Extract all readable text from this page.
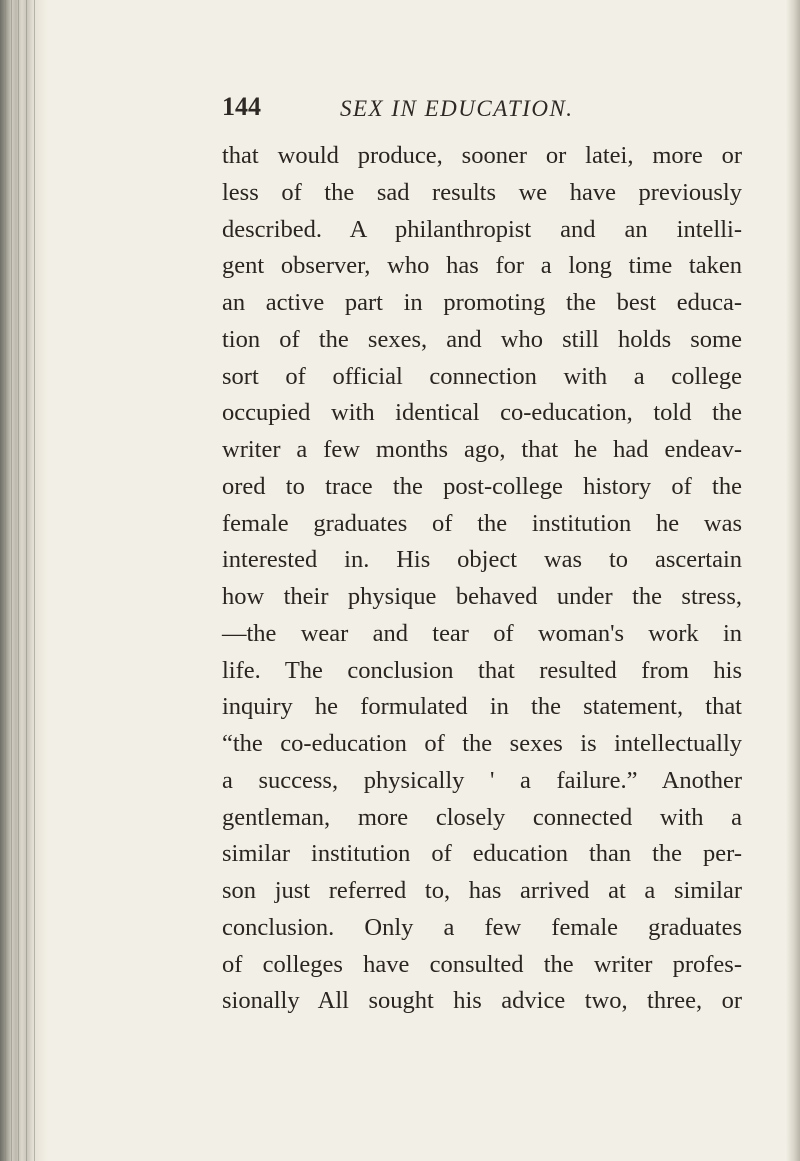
144	SEX IN EDUCATION.
that would produce, sooner or latei, more or
less of the sad results we have previously
described. A philanthropist and an intelli-
gent observer, who has for a long time taken
an active part in promoting the best educa-
tion of the sexes, and who still holds some
sort of official connection with a college
occupied with identical co-education, told the
writer a few months ago, that he had endeav-
ored to trace the post-college history of the
female graduates of the institution he was
interested in. His object was to ascertain
how their physique behaved under the stress,
—the wear and tear of woman's work in
life. The conclusion that resulted from his
inquiry he formulated in the statement, that
“the co-education of the sexes is intellectually
a success, physically ' a failure.” Another
gentleman, more closely connected with a
similar institution of education than the per-
son just referred to, has arrived at a similar
conclusion. Only a few female graduates
of colleges have consulted the writer profes-
sionally All sought his advice two, three, or
